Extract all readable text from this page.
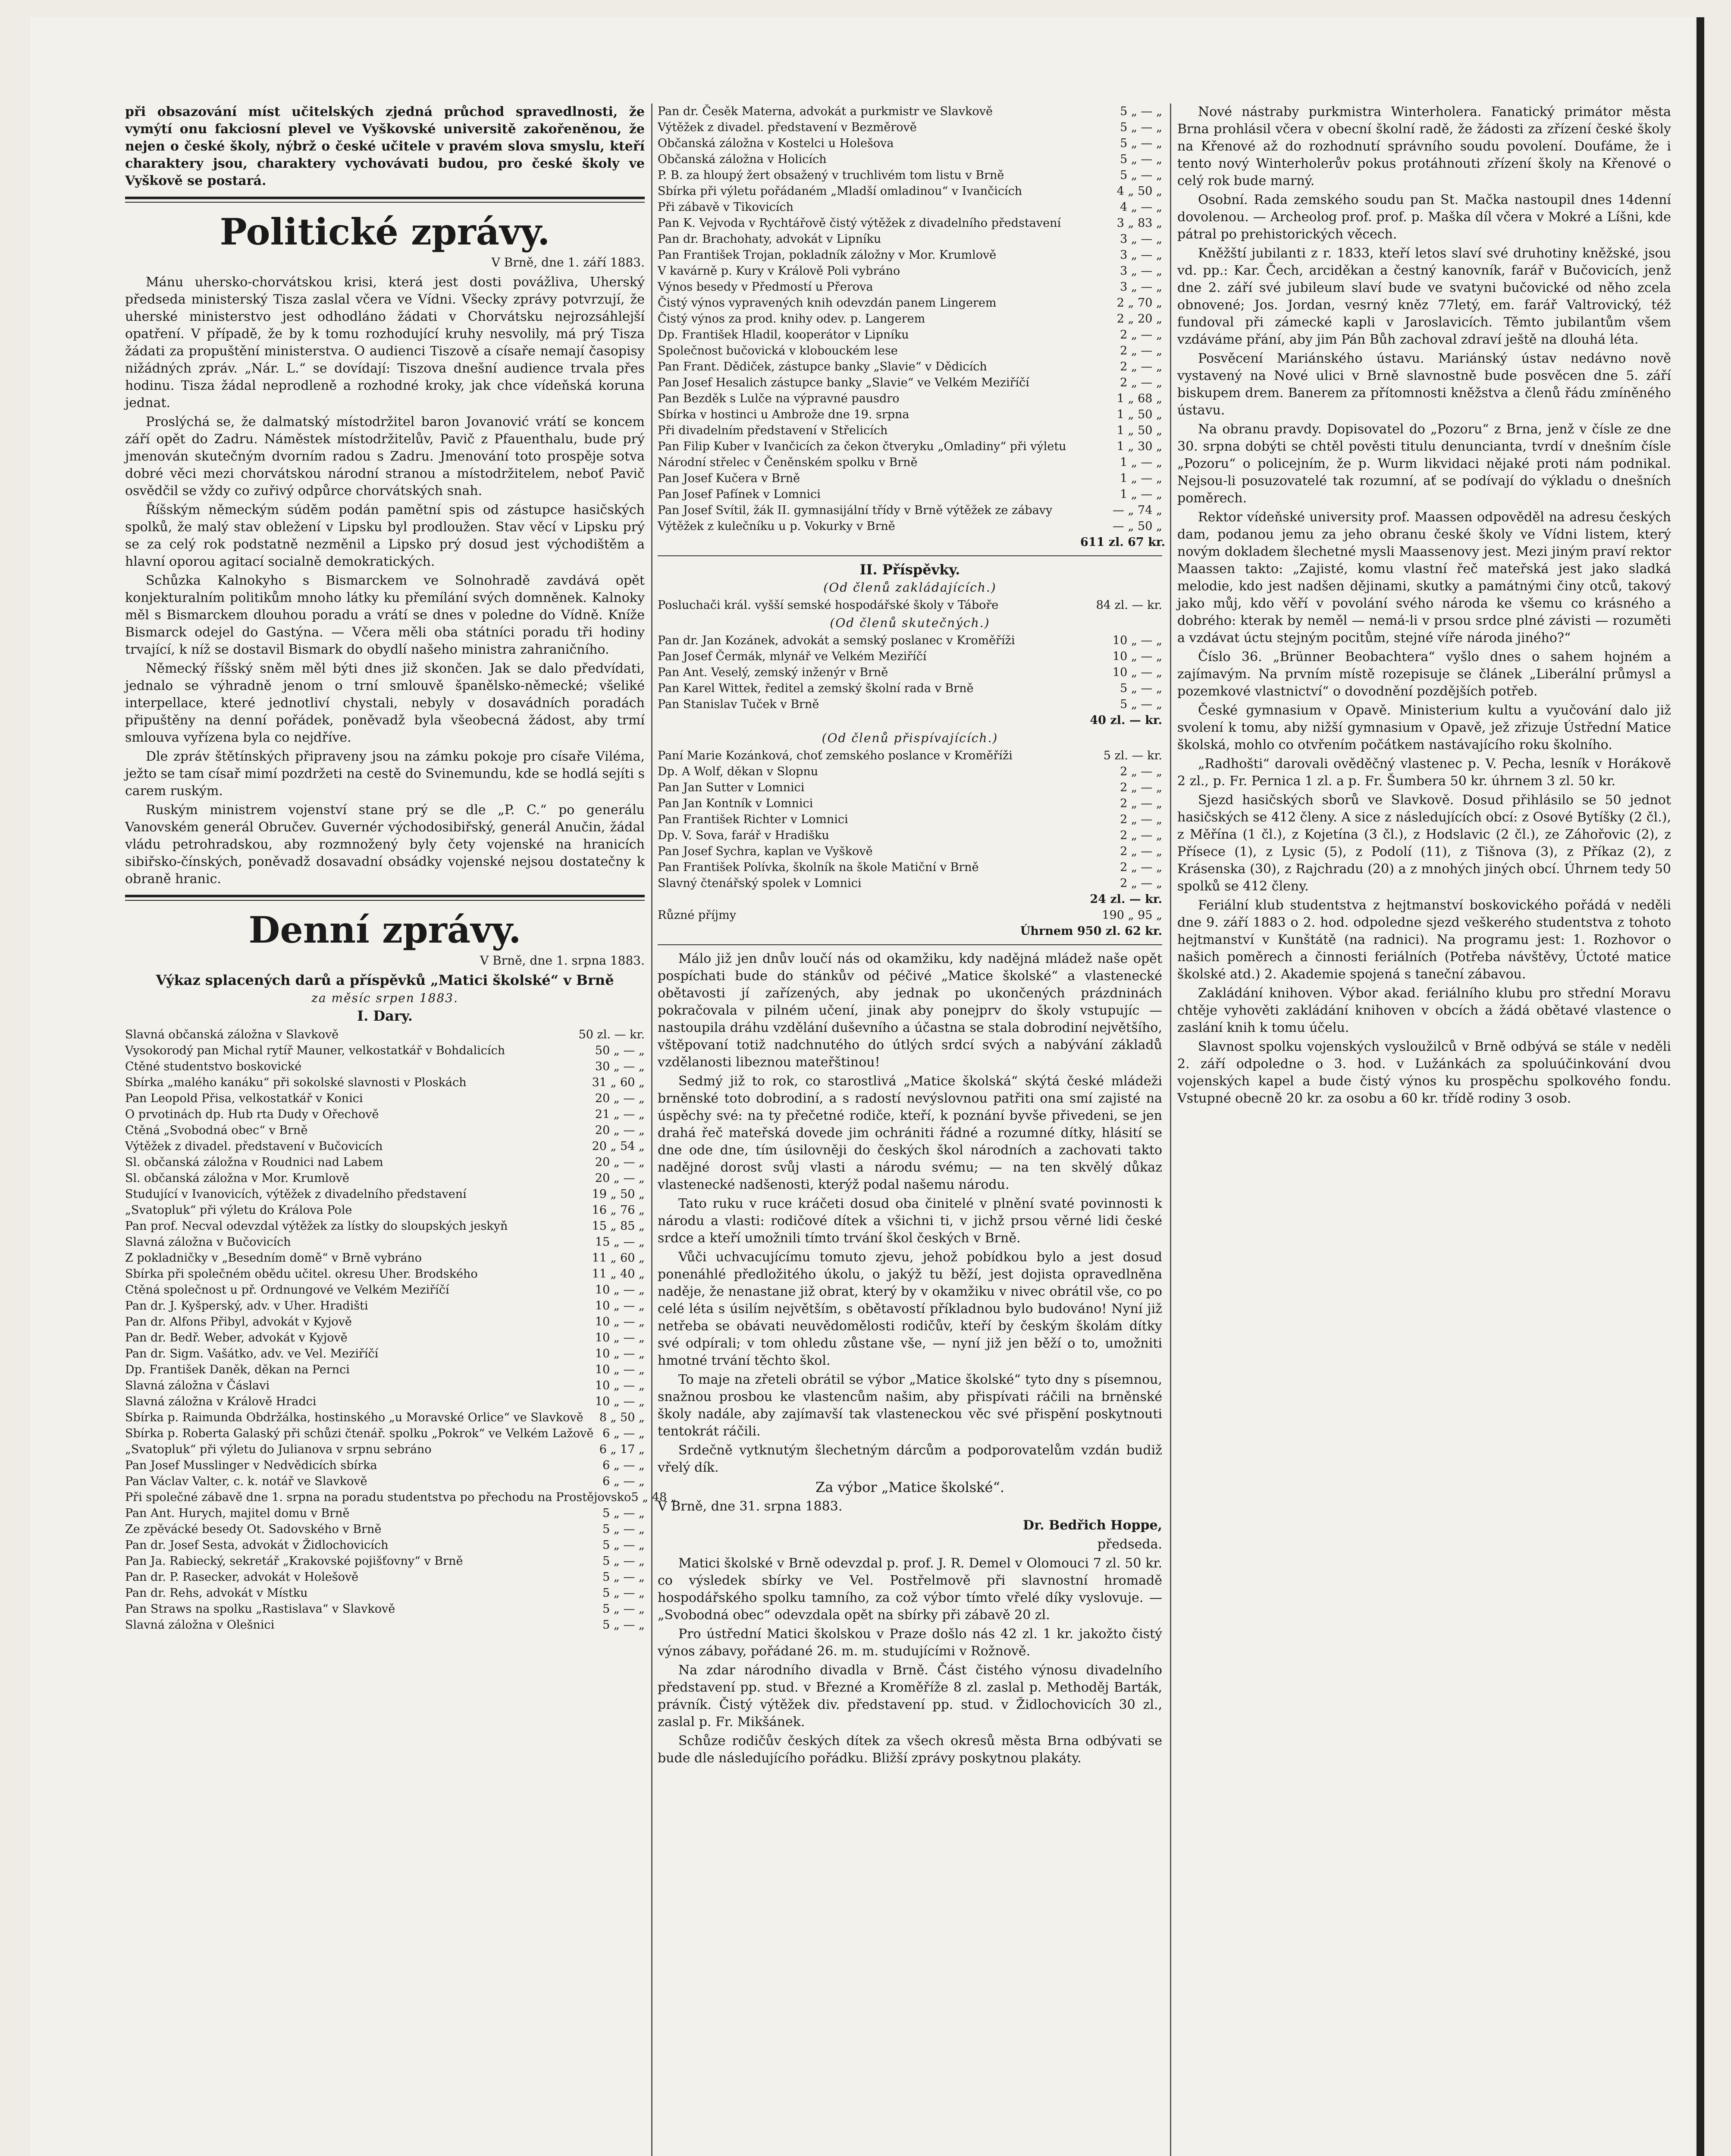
při obsazování míst učitelských zjedná průchod spravedlnosti, že vymýtí onu fakciosní plevel ve Vyškovské universitě zakořeněnou, že nejen o české školy, nýbrž o české učitele v pravém slova smyslu, kteří charaktery jsou, charaktery vychovávati budou, pro české školy ve Vyškově se postará.

Politické zprávy.
V Brně, dne 1. září 1883.

Mánu uhersko-chorvátskou krisi, která jest dosti povážliva, Uherský předseda ministerský Tisza zaslal včera ve Vídni. Všecky zprávy potvrzují, že uherské ministerstvo jest odhodláno žádati v Chorvátsku nejrozsáhlejší opatření. V případě, že by k tomu rozhodující kruhy nesvolily, má prý Tisza žádati za propuštění ministerstva. O audienci Tiszově a císaře nemají časopisy nižádných zpráv. „Nár. L.“ se dovídají: Tiszova dnešní audience trvala přes hodinu. Tisza žádal neprodleně a rozhodné kroky, jak chce vídeňská koruna jednat.

Proslýchá se, že dalmatský místodržitel baron Jovanović vrátí se koncem září opět do Zadru. Náměstek místodržitelův, Pavič z Pfauenthalu, bude prý jmenován skutečným dvorním radou s Zadru. Jmenování toto prospěje sotva dobré věci mezi chorvátskou národní stranou a místodržitelem, neboť Pavič osvědčil se vždy co zuřivý odpůrce chorvátských snah.

Říšským německým súděm podán pamětní spis od zástupce hasičských spolků, že malý stav obležení v Lipsku byl prodloužen. Stav věcí v Lipsku prý se za celý rok podstatně nezměnil a Lipsko prý dosud jest východištěm a hlavní oporou agitací socialně demokratických.

Schůzka Kalnokyho s Bismarckem ve Solnohradě zavdává opět konjekturalním politikům mnoho látky ku přemílání svých domněnek. Kalnoky měl s Bismarckem dlouhou poradu a vrátí se dnes v poledne do Vídně. Kníže Bismarck odejel do Gastýna. — Včera měli oba státníci poradu tři hodiny trvající, k níž se dostavil Bismark do obydlí našeho ministra zahraničního.

Německý říšský sněm měl býti dnes již skončen. Jak se dalo předvídati, jednalo se výhradně jenom o trní smlouvě španělsko-německé; všeliké interpellace, které jednotliví chystali, nebyly v dosavádních poradách připuštěny na denní pořádek, poněvadž byla všeobecná žádost, aby trmí smlouva vyřízena byla co nejdříve.

Dle zpráv štětínských připraveny jsou na zámku pokoje pro císaře Viléma, ježto se tam císař mimí pozdržeti na cestě do Svinemundu, kde se hodlá sejíti s carem ruským.

Ruským ministrem vojenství stane prý se dle „P. C.“ po generálu Vanovském generál Obručev. Guvernér východosibiřský, generál Anučin, žádal vládu petrohradskou, aby rozmnožený byly čety vojenské na hranicích sibiřsko-čínských, poněvadž dosavadní obsádky vojenské nejsou dostatečny k obraně hranic.

Denní zprávy.
V Brně, dne 1. srpna 1883.
Výkaz splacených darů a příspěvků „Matici školské“ v Brně
za měsíc srpen 1883.
I. Dary.
Slavná občanská záložna v Slavkově	50 zl. — kr.
Vysokorodý pan Michal rytíř Mauner, velkostatkář v Bohdalicích	50 „ — „
Ctěné studentstvo boskovické	30 „ — „
Sbírka „malého kanáku“ při sokolské slavnosti v Ploskách	31 „ 60 „
Pan Leopold Přisa, velkostatkář v Konici	20 „ — „
O prvotinách dp. Hub rta Dudy v Ořechově	21 „ — „
Ctěná „Svobodná obec“ v Brně	20 „ — „
Výtěžek z divadel. představení v Bučovicích	20 „ 54 „
Sl. občanská záložna v Roudnici nad Labem	20 „ — „
Sl. občanská záložna v Mor. Krumlově	20 „ — „
Studující v Ivanovicích, výtěžek z divadelního představení	19 „ 50 „
„Svatopluk“ při výletu do Králova Pole	16 „ 76 „
Pan prof. Necval odevzdal výtěžek za lístky do sloupských jeskyň	15 „ 85 „
Slavná záložna v Bučovicích	15 „ — „
Z pokladničky v „Besedním domě“ v Brně vybráno	11 „ 60 „
Sbírka při společném obědu učitel. okresu Uher. Brodského	11 „ 40 „
Ctěná společnost u př. Ordnungové ve Velkém Meziříčí	10 „ — „
Pan dr. J. Kyšperský, adv. v Uher. Hradišti	10 „ — „
Pan dr. Alfons Přibyl, advokát v Kyjově	10 „ — „
Pan dr. Bedř. Weber, advokát v Kyjově	10 „ — „
Pan dr. Sigm. Vašátko, adv. ve Vel. Meziříčí	10 „ — „
Dp. František Daněk, děkan na Pernci	10 „ — „
Slavná záložna v Čáslavi	10 „ — „
Slavná záložna v Králově Hradci	10 „ — „
Sbírka p. Raimunda Obdržálka, hostinského „u Moravské Orlice“ ve Slavkově	8 „ 50 „
Sbírka p. Roberta Galaský při schůzi čtenář. spolku „Pokrok“ ve Velkém Lažově 6 „ — „
„Svatopluk“ při výletu do Julianova v srpnu sebráno	6 „ 17 „
Pan Josef Musslinger v Nedvědicích sbírka	6 „ — „
Pan Václav Valter, c. k. notář ve Slavkově	6 „ — „
Při společné zábavě dne 1. srpna na poradu studentstva po přechodu na Prostějovsko 5 „ 48 „
Pan Ant. Hurych, majitel domu v Brně	5 „ — „
Ze zpěvácké besedy Ot. Sadovského v Brně	5 „ — „
Pan dr. Josef Sesta, advokát v Židlochovicích	5 „ — „
Pan Ja. Rabiecký, sekretář „Krakovské pojišťovny“ v Brně	5 „ — „
Pan dr. P. Rasecker, advokát v Holešově	5 „ — „
Pan dr. Rehs, advokát v Místku	5 „ — „
Pan Straws na spolku „Rastislava“ v Slavkově	5 „ — „
Slavná záložna v Olešnici	5 „ — „
Pan dr. Česěk Materna, advokát a purkmistr ve Slavkově	5 „ — „
Výtěžek z divadel. představení v Bezměrově	5 „ — „
Občanská záložna v Kostelci u Holešova	5 „ — „
Občanská záložna v Holicích	5 „ — „
P. B. za hloupý žert obsažený v truchlivém tom listu v Brně	5 „ — „
Sbírka při výletu pořádaném „Mladší omladinou“ v Ivančicích	4 „ 50 „
Při zábavě v Tikovicích	4 „ — „
Pan K. Vejvoda v Rychtářově čistý výtěžek z divadelního představení	3 „ 83 „
Pan dr. Brachohaty, advokát v Lipníku	3 „ — „
Pan František Trojan, pokladník záložny v Mor. Krumlově	3 „ — „
V kavárně p. Kury v Králově Poli vybráno	3 „ — „
Výnos besedy v Předmostí u Přerova	3 „ — „
Čistý výnos vypravených knih odevzdán panem Lingerem	2 „ 70 „
Čistý výnos za prod. knihy odev. p. Langerem	2 „ 20 „
Dp. František Hladil, kooperátor v Lipníku	2 „ — „
Společnost bučovická v klobouckém lese	2 „ — „
Pan Frant. Dědiček, zástupce banky „Slavie“ v Dědicích	2 „ — „
Pan Josef Hesalich zástupce banky „Slavie“ ve Velkém Meziříčí	2 „ — „
Pan Bezděk s Lulče na výpravné pausdro	1 „ 68 „
Sbírka v hostinci u Ambrože dne 19. srpna	1 „ 50 „
Při divadelním představení v Střelicích	1 „ 50 „
Pan Filip Kuber v Ivančicích za čekon čtveryku „Omladiny“ při výletu	1 „ 30 „
Národní střelec v Čeněnském spolku v Brně	1 „ — „
Pan Josef Kučera v Brně	1 „ — „
Pan Josef Pafínek v Lomnici	1 „ — „
Pan Josef Svítil, žák II. gymnasijální třídy v Brně výtěžek ze zábavy	— „ 74 „
Výtěžek z kulečníku u p. Vokurky v Brně	— „ 50 „
611 zl. 67 kr.
II. Příspěvky.
(Od členů zakládajících.)
Posluchači král. vyšší semské hospodářské školy v Táboře	84 zl. — kr.
(Od členů skutečných.)
Pan dr. Jan Kozánek, advokát a semský poslanec v Kroměříži	10 „ — „
Pan Josef Čermák, mlynář ve Velkém Meziříčí	10 „ — „
Pan Ant. Veselý, zemský inženýr v Brně	10 „ — „
Pan Karel Wittek, ředitel a zemský školní rada v Brně	5 „ — „
Pan Stanislav Tuček v Brně	5 „ — „
40 zl. — kr.
(Od členů přispívajících.)
Paní Marie Kozánková, choť zemského poslance v Kroměříži	5 zl. — kr.
Dp. A Wolf, děkan v Slopnu	2 „ — „
Pan Jan Sutter v Lomnici	2 „ — „
Pan Jan Kontník v Lomnici	2 „ — „
Pan František Richter v Lomnici	2 „ — „
Dp. V. Sova, farář v Hradišku	2 „ — „
Pan Josef Sychra, kaplan ve Vyškově	2 „ — „
Pan František Polívka, školník na škole Matiční v Brně	2 „ — „
Slavný čtenářský spolek v Lomnici	2 „ — „
24 zl. — kr.
Různé příjmy	190 „ 95 „
Úhrnem 950 zl. 62 kr.

Málo již jen dnův loučí nás od okamžiku, kdy nadějná mládež naše opět pospíchati bude do stánkův od péčivé „Matice školské“ a vlastenecké obětavosti jí zařízených, aby jednak po ukončených prázdninách pokračovala v pilném učení, jinak aby ponejprv do školy vstupujíc — nastoupila dráhu vzdělání duševního a účastna se stala dobrodiní největšího, vštěpovaní totiž nadchnutého do útlých srdcí svých a nabývání základů vzdělanosti libeznou mateřštinou!

Sedmý již to rok, co starostlivá „Matice školská“ skýtá české mládeži brněnské toto dobrodiní, a s radostí nevýslovnou patřiti ona smí zajisté na úspěchy své: na ty přečetné rodiče, kteří, k poznání byvše přivedeni, se jen drahá řeč mateřská dovede jim ochrániti řádné a rozumné dítky, hlásití se dne ode dne, tím úsilovněji do českých škol národních a zachovati takto nadějné dorost svůj vlasti a národu svému; — na ten skvělý důkaz vlastenecké nadšenosti, kterýž podal našemu národu.

Tato ruku v ruce kráčeti dosud oba činitelé v plnění svaté povinnosti k národu a vlasti: rodičové dítek a všichni ti, v jichž prsou věrné lidi české srdce a kteří umožnili tímto trvání škol českých v Brně.

Vůči uchvacujícímu tomuto zjevu, jehož pobídkou bylo a jest dosud ponenáhlé předložitého úkolu, o jakýž tu běží, jest dojista opravedlněna naděje, že nenastane již obrat, který by v okamžiku v nivec obrátil vše, co po celé léta s úsilím největším, s obětavostí příkladnou bylo budováno! Nyní již netřeba se obávati neuvědomělosti rodičův, kteří by českým školám dítky své odpírali; v tom ohledu zůstane vše, — nyní již jen běží o to, umožniti hmotné trvání těchto škol.

To maje na zřeteli obrátil se výbor „Matice školské“ tyto dny s písemnou, snažnou prosbou ke vlastencům našim, aby přispívati ráčili na brněnské školy nadále, aby zajímavší tak vlasteneckou věc své přispění poskytnouti tentokrát ráčili.

Srdečně vytknutým šlechetným dárcům a podporovatelům vzdán budiž vřelý dík.

Za výbor „Matice školské“.
V Brně, dne 31. srpna 1883.
Dr. Bedřich Hoppe,
předseda.

Matici školské v Brně odevzdal p. prof. J. R. Demel v Olomouci 7 zl. 50 kr. co výsledek sbírky ve Vel. Postřelmově při slavnostní hromadě hospodářského spolku tamního, za což výbor tímto vřelé díky vyslovuje. — „Svobodná obec“ odevzdala opět na sbírky při zábavě 20 zl.

Pro ústřední Matici školskou v Praze došlo nás 42 zl. 1 kr. jakožto čistý výnos zábavy, pořádané 26. m. m. studujícími v Rožnově.

Na zdar národního divadla v Brně. Část čistého výnosu divadelního představení pp. stud. v Březné a Kroměříže 8 zl. zaslal p. Methoděj Barták, právník. Čistý výtěžek div. představení pp. stud. v Židlochovicích 30 zl., zaslal p. Fr. Mikšánek.

Schůze rodičův českých dítek za všech okresů města Brna odbývati se bude dle následujícího pořádku. Bližší zprávy poskytnou plakáty.

Nové nástraby purkmistra Winterholera. Fanatický primátor města Brna prohlásil včera v obecní školní radě, že žádosti za zřízení české školy na Křenové až do rozhodnutí správního soudu povolení. Doufáme, že i tento nový Winterholerův pokus protáhnouti zřízení školy na Křenové o celý rok bude marný.

Osobní. Rada zemského soudu pan St. Mačka nastoupil dnes 14denní dovolenou. — Archeolog prof. prof. p. Maška díl včera v Mokré a Líšni, kde pátral po prehistorických věcech.

Kněžští jubilanti z r. 1833, kteří letos slaví své druhotiny kněžské, jsou vd. pp.: Kar. Čech, arciděkan a čestný kanovník, farář v Bučovicích, jenž dne 2. září své jubileum slaví bude ve svatyni bučovické od něho zcela obnovené; Jos. Jordan, vesrný kněz 77letý, em. farář Valtrovický, též fundoval při zámecké kapli v Jaroslavicích. Těmto jubilantům všem vzdáváme přání, aby jim Pán Bůh zachoval zdraví ještě na dlouhá léta.

Posvěcení Mariánského ústavu. Mariánský ústav nedávno nově vystavený na Nové ulici v Brně slavnostně bude posvěcen dne 5. září biskupem drem. Banerem za přítomnosti kněžstva a členů řádu zmíněného ústavu.

Na obranu pravdy. Dopisovatel do „Pozoru“ z Brna, jenž v čísle ze dne 30. srpna dobýti se chtěl pověsti titulu denuncianta, tvrdí v dnešním čísle „Pozoru“ o policejním, že p. Wurm likvidaci nějaké proti nám podnikal. Nejsou-li posuzovatelé tak rozumní, ať se podívají do výkladu o dnešních poměrech.

Rektor vídeňské university prof. Maassen odpověděl na adresu českých dam, podanou jemu za jeho obranu české školy ve Vídni listem, který novým dokladem šlechetné mysli Maassenovy jest. Mezi jiným praví rektor Maassen takto: „Zajisté, komu vlastní řeč mateřská jest jako sladká melodie, kdo jest nadšen dějinami, skutky a památnými činy otců, takový jako můj, kdo věří v povolání svého národa ke všemu co krásného a dobrého: kterak by neměl — nemá-li v prsou srdce plné závisti — rozuměti a vzdávat úctu stejným pocitům, stejné víře národa jiného?“

Číslo 36. „Brünner Beobachtera“ vyšlo dnes o sahem hojném a zajímavým. Na prvním místě rozepisuje se článek „Liberální průmysl a pozemkové vlastnictví“ o dovodnění pozdějších potřeb.

České gymnasium v Opavě. Ministerium kultu a vyučování dalo již svolení k tomu, aby nižší gymnasium v Opavě, jež zřizuje Ústřední Matice školská, mohlo co otvřením počátkem nastávajícího roku školního.

„Radhošti“ darovali ověděčný vlastenec p. V. Pecha, lesník v Horákově 2 zl., p. Fr. Pernica 1 zl. a p. Fr. Šumbera 50 kr. úhrnem 3 zl. 50 kr.

Sjezd hasičských sborů ve Slavkově. Dosud přihlásilo se 50 jednot hasičských se 412 členy. A sice z následujících obcí: z Osové Bytíšky (2 čl.), z Měřína (1 čl.), z Kojetína (3 čl.), z Hodslavic (2 čl.), ze Záhořovic (2), z Přísece (1), z Lysic (5), z Podolí (11), z Tišnova (3), z Příkaz (2), z Krásenska (30), z Rajchradu (20) a z mnohých jiných obcí. Úhrnem tedy 50 spolků se 412 členy.

Feriální klub studentstva z hejtmanství boskovického pořádá v neděli dne 9. září 1883 o 2. hod. odpoledne sjezd veškerého studentstva z tohoto hejtmanství v Kunštátě (na radnici). Na programu jest: 1. Rozhovor o našich poměrech a činnosti feriálních (Potřeba návštěvy, Úctoté matice školské atd.) 2. Akademie spojená s taneční zábavou.

Zakládání knihoven. Výbor akad. feriálního klubu pro střední Moravu chtěje vyhověti zakládání knihoven v obcích a žádá obětavé vlastence o zaslání knih k tomu účelu.

Slavnost spolku vojenských vysloužilců v Brně odbývá se stále v neděli 2. září odpoledne o 3. hod. v Lužánkách za spoluúčinkování dvou vojenských kapel a bude čistý výnos ku prospěchu spolkového fondu. Vstupné obecně 20 kr. za osobu a 60 kr. třídě rodiny 3 osob.
